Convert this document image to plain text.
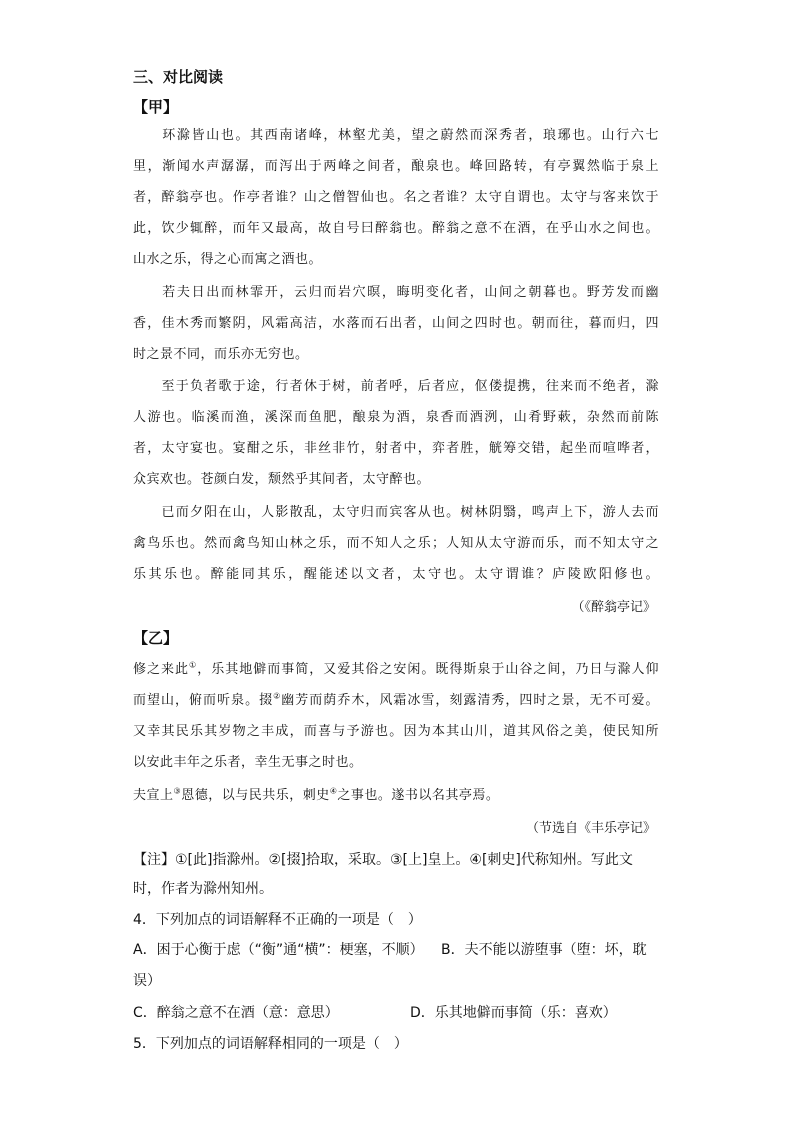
三、对比阅读
【甲】
　　环滁皆山也。其西南诸峰，林壑尤美，望之蔚然而深秀者，琅琊也。山行六七
里，渐闻水声潺潺，而泻出于两峰之间者，酿泉也。峰回路转，有亭翼然临于泉上
者，醉翁亭也。作亭者谁？山之僧智仙也。名之者谁？太守自谓也。太守与客来饮于
此，饮少辄醉，而年又最高，故自号曰醉翁也。醉翁之意不在酒，在乎山水之间也。
山水之乐，得之心而寓之酒也。
　　若夫日出而林霏开，云归而岩穴暝，晦明变化者，山间之朝暮也。野芳发而幽
香，佳木秀而繁阴，风霜高洁，水落而石出者，山间之四时也。朝而往，暮而归，四
时之景不同，而乐亦无穷也。
　　至于负者歌于途，行者休于树，前者呼，后者应，伛偻提携，往来而不绝者，滁
人游也。临溪而渔，溪深而鱼肥，酿泉为酒，泉香而酒洌，山肴野蔌，杂然而前陈
者，太守宴也。宴酣之乐，非丝非竹，射者中，弈者胜，觥筹交错，起坐而喧哗者，
众宾欢也。苍颜白发，颓然乎其间者，太守醉也。
　　已而夕阳在山，人影散乱，太守归而宾客从也。树林阴翳，鸣声上下，游人去而
禽鸟乐也。然而禽鸟知山林之乐，而不知人之乐；人知从太守游而乐，而不知太守之
乐其乐也。醉能同其乐，醒能述以文者，太守也。太守谓谁？庐陵欧阳修也。
（《醉翁亭记》
【乙】
修之来此①，乐其地僻而事简，又爱其俗之安闲。既得斯泉于山谷之间，乃日与滁人仰
而望山，俯而听泉。掇②幽芳而荫乔木，风霜冰雪，刻露清秀，四时之景，无不可爱。
又幸其民乐其岁物之丰成，而喜与予游也。因为本其山川，道其风俗之美，使民知所
以安此丰年之乐者，幸生无事之时也。
夫宣上③恩德，以与民共乐，刺史④之事也。遂书以名其亭焉。
（节选自《丰乐亭记》
【注】①[此]指滁州。②[掇]拾取，采取。③[上]皇上。④[刺史]代称知州。写此文
时，作者为滁州知州。
4．下列加点的词语解释不正确的一项是（　）
A．困于心衡于虑（“衡”通“横”：梗塞，不顺） B．夫不能以游堕事（堕：坏，耽
误）
C．醉翁之意不在酒（意：意思）	D．乐其地僻而事简（乐：喜欢）
5．下列加点的词语解释相同的一项是（　）
